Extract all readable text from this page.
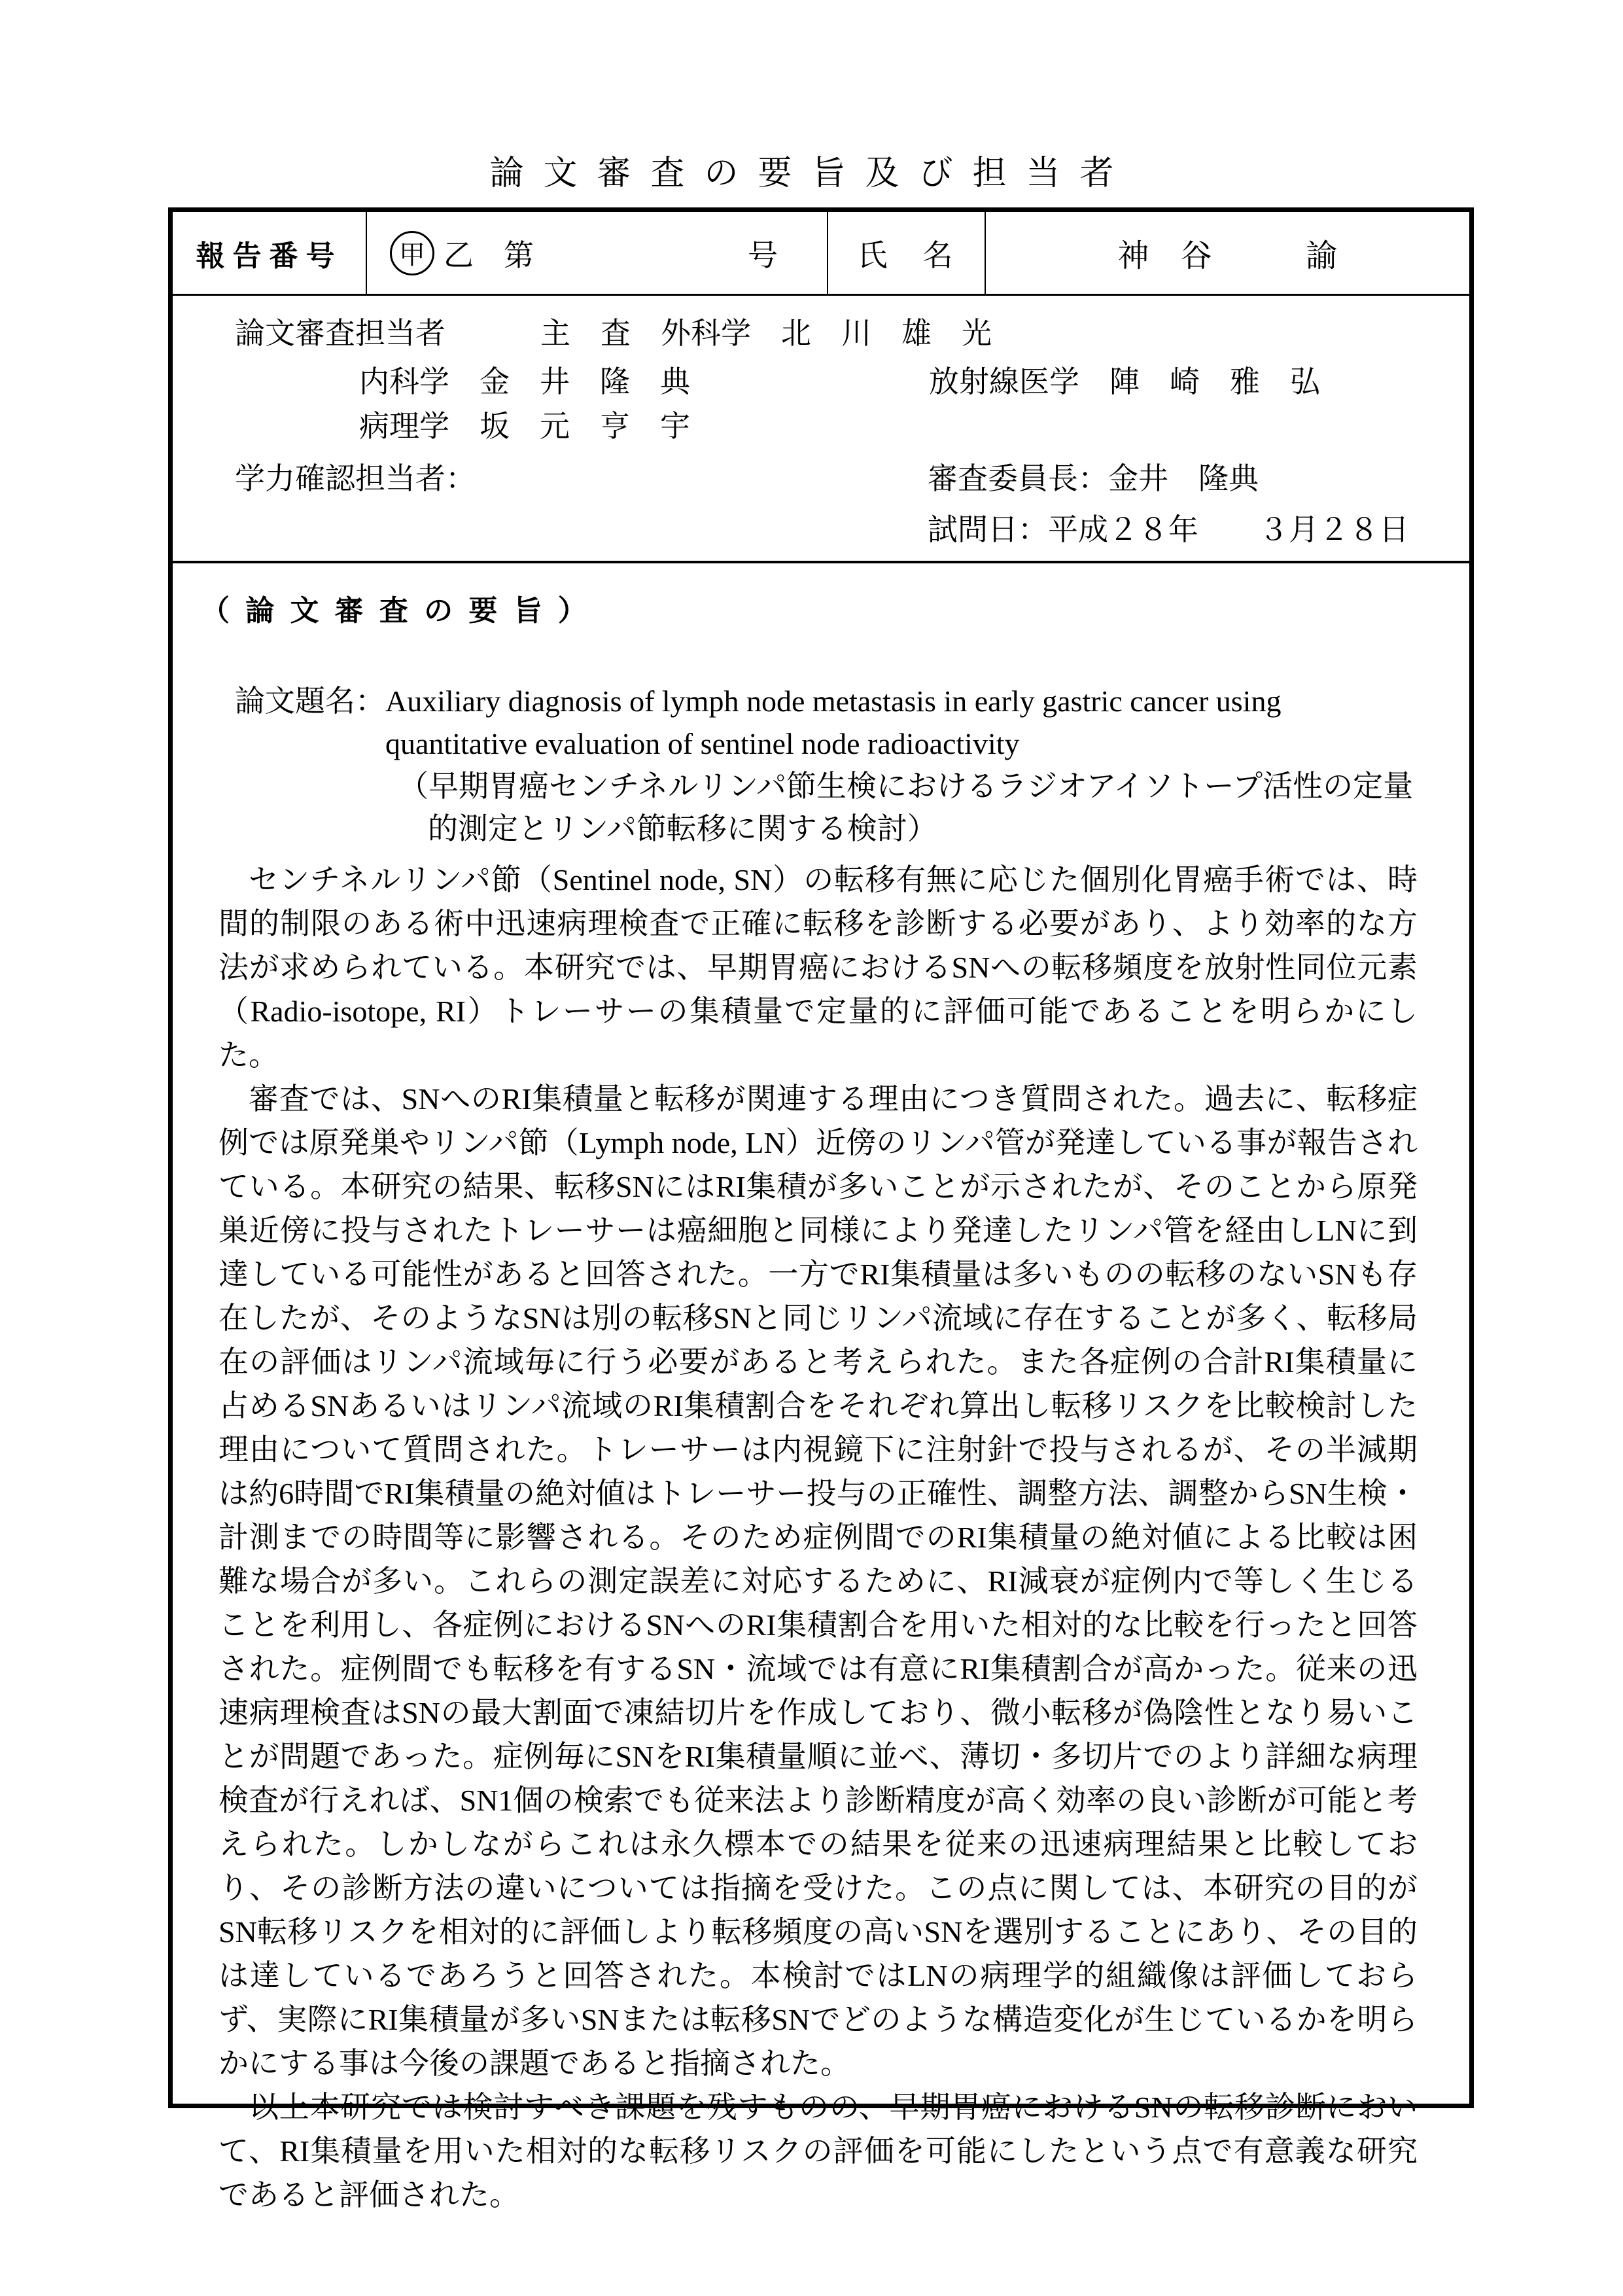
論文審査の要旨及び担当者
報告番号	甲 乙　第	号	氏　名	神　谷　　　諭
論文審査担当者	主　査　外科学　北　川　雄　光
内科学　金　井　隆　典	放射線医学　陣　崎　雅　弘
病理学　坂　元　亨　宇
学力確認担当者：	審査委員長：金井　隆典
試問日：平成２８年　　３月２８日
（ 論 文 審 査 の 要 旨 ）
論文題名：Auxiliary diagnosis of lymph node metastasis in early gastric cancer using
quantitative evaluation of sentinel node radioactivity
（早期胃癌センチネルリンパ節生検におけるラジオアイソトープ活性の定量
的測定とリンパ節転移に関する検討）

センチネルリンパ節（Sentinel node, SN）の転移有無に応じた個別化胃癌手術では、時間的制限のある術中迅速病理検査で正確に転移を診断する必要があり、より効率的な方法が求められている。本研究では、早期胃癌におけるSNへの転移頻度を放射性同位元素（Radio-isotope, RI）トレーサーの集積量で定量的に評価可能であることを明らかにした。

審査では、SNへのRI集積量と転移が関連する理由につき質問された。過去に、転移症例では原発巣やリンパ節（Lymph node, LN）近傍のリンパ管が発達している事が報告されている。本研究の結果、転移SNにはRI集積が多いことが示されたが、そのことから原発巣近傍に投与されたトレーサーは癌細胞と同様により発達したリンパ管を経由しLNに到達している可能性があると回答された。一方でRI集積量は多いものの転移のないSNも存在したが、そのようなSNは別の転移SNと同じリンパ流域に存在することが多く、転移局在の評価はリンパ流域毎に行う必要があると考えられた。また各症例の合計RI集積量に占めるSNあるいはリンパ流域のRI集積割合をそれぞれ算出し転移リスクを比較検討した理由について質問された。トレーサーは内視鏡下に注射針で投与されるが、その半減期は約6時間でRI集積量の絶対値はトレーサー投与の正確性、調整方法、調整からSN生検・計測までの時間等に影響される。そのため症例間でのRI集積量の絶対値による比較は困難な場合が多い。これらの測定誤差に対応するために、RI減衰が症例内で等しく生じることを利用し、各症例におけるSNへのRI集積割合を用いた相対的な比較を行ったと回答された。症例間でも転移を有するSN・流域では有意にRI集積割合が高かった。従来の迅速病理検査はSNの最大割面で凍結切片を作成しており、微小転移が偽陰性となり易いことが問題であった。症例毎にSNをRI集積量順に並べ、薄切・多切片でのより詳細な病理検査が行えれば、SN1個の検索でも従来法より診断精度が高く効率の良い診断が可能と考えられた。しかしながらこれは永久標本での結果を従来の迅速病理結果と比較しており、その診断方法の違いについては指摘を受けた。この点に関しては、本研究の目的がSN転移リスクを相対的に評価しより転移頻度の高いSNを選別することにあり、その目的は達しているであろうと回答された。本検討ではLNの病理学的組織像は評価しておらず、実際にRI集積量が多いSNまたは転移SNでどのような構造変化が生じているかを明らかにする事は今後の課題であると指摘された。

以上本研究では検討すべき課題を残すものの、早期胃癌におけるSNの転移診断において、RI集積量を用いた相対的な転移リスクの評価を可能にしたという点で有意義な研究であると評価された。
